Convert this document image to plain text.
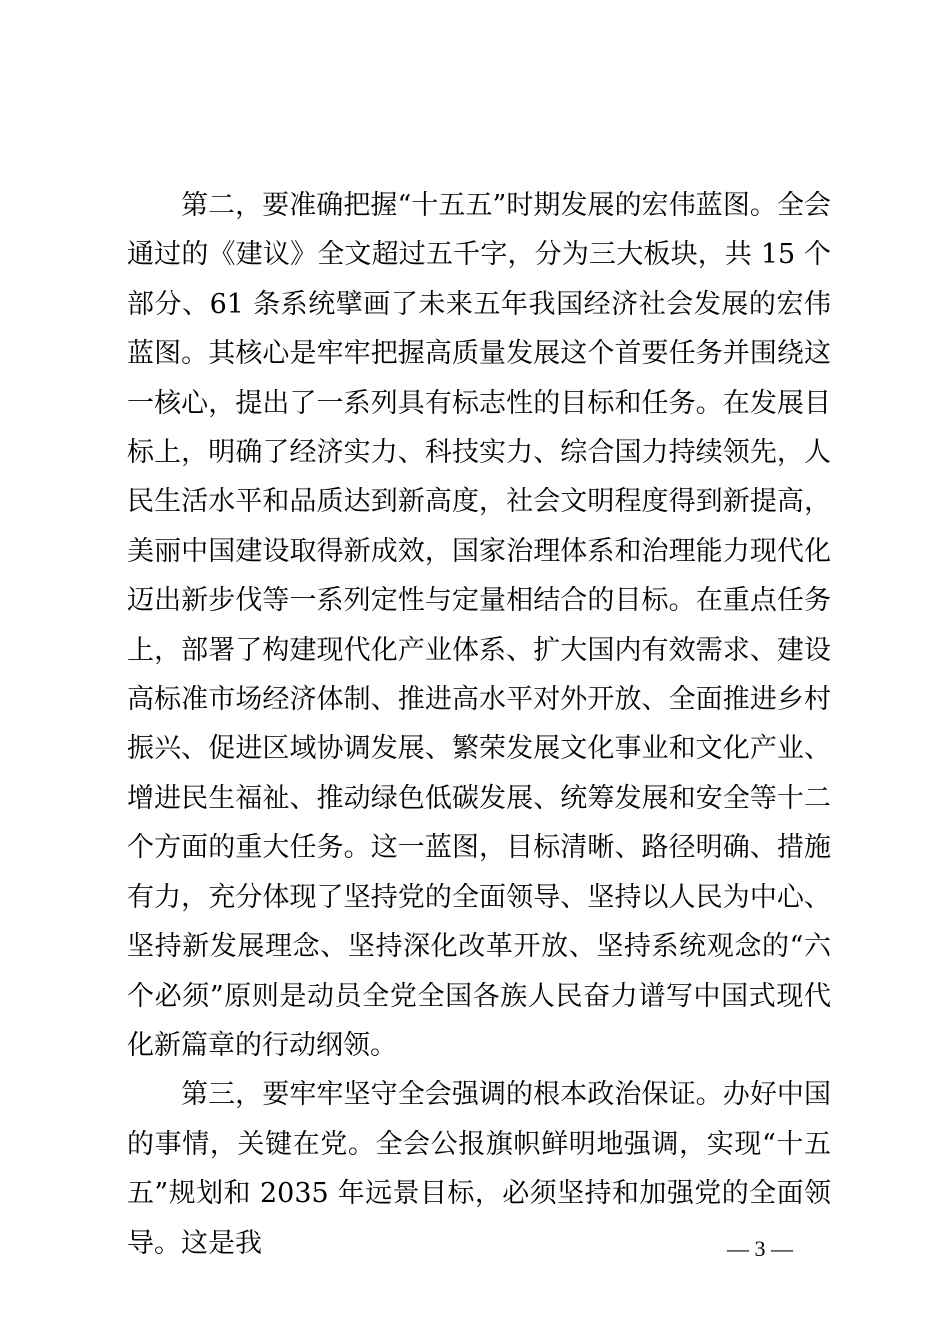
第二，要准确把握“十五五”时期发展的宏伟蓝图。全会通过的《建议》全文超过五千字，分为三大板块，共 15 个部分、61 条系统擘画了未来五年我国经济社会发展的宏伟蓝图。其核心是牢牢把握高质量发展这个首要任务并围绕这一核心，提出了一系列具有标志性的目标和任务。在发展目标上，明确了经济实力、科技实力、综合国力持续领先，人民生活水平和品质达到新高度，社会文明程度得到新提高，美丽中国建设取得新成效，国家治理体系和治理能力现代化迈出新步伐等一系列定性与定量相结合的目标。在重点任务上，部署了构建现代化产业体系、扩大国内有效需求、建设高标准市场经济体制、推进高水平对外开放、全面推进乡村振兴、促进区域协调发展、繁荣发展文化事业和文化产业、增进民生福祉、推动绿色低碳发展、统筹发展和安全等十二个方面的重大任务。这一蓝图，目标清晰、路径明确、措施有力，充分体现了坚持党的全面领导、坚持以人民为中心、坚持新发展理念、坚持深化改革开放、坚持系统观念的“六个必须”原则是动员全党全国各族人民奋力谱写中国式现代化新篇章的行动纲领。

第三，要牢牢坚守全会强调的根本政治保证。办好中国的事情，关键在党。全会公报旗帜鲜明地强调，实现“十五五”规划和 2035 年远景目标，必须坚持和加强党的全面领导。这是我	— 3 —
